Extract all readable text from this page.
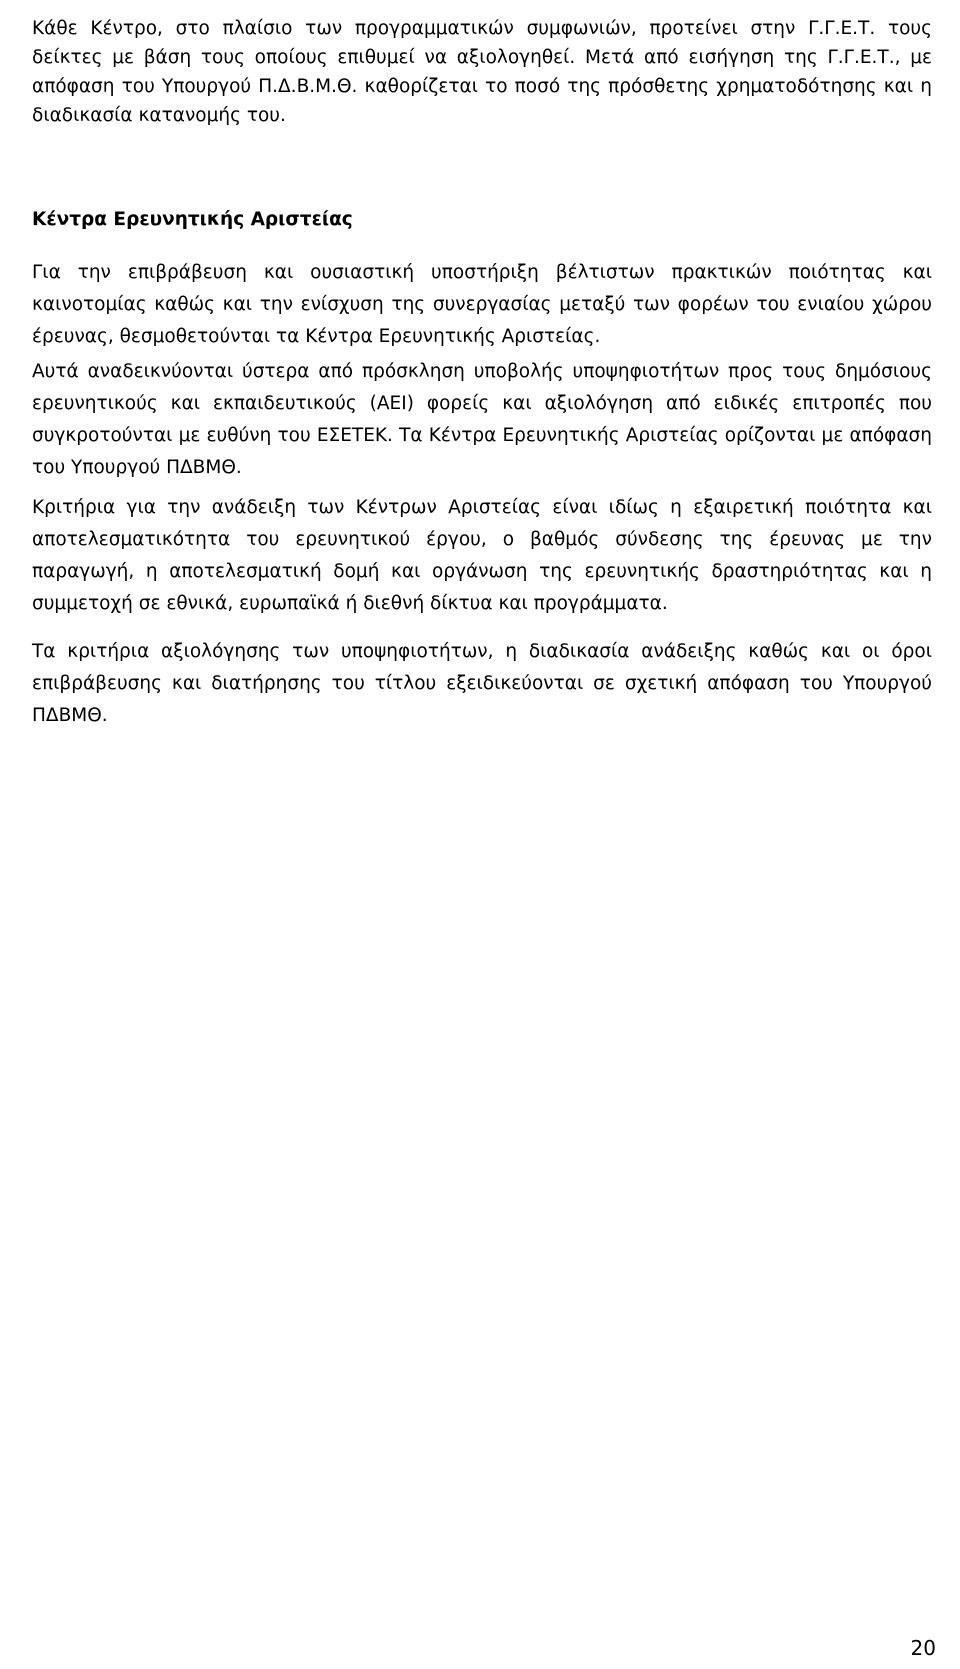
Κάθε Κέντρο, στο πλαίσιο των προγραμματικών συμφωνιών, προτείνει στην Γ.Γ.Ε.Τ. τους δείκτες με βάση τους οποίους επιθυμεί να αξιολογηθεί. Μετά από εισήγηση της Γ.Γ.Ε.Τ., με απόφαση του Υπουργού Π.Δ.Β.Μ.Θ. καθορίζεται το ποσό της πρόσθετης χρηματοδότησης και η διαδικασία κατανομής του.

Κέντρα Ερευνητικής Αριστείας

Για την επιβράβευση και ουσιαστική υποστήριξη βέλτιστων πρακτικών ποιότητας και καινοτομίας καθώς και την ενίσχυση της συνεργασίας μεταξύ των φορέων του ενιαίου χώρου έρευνας, θεσμοθετούνται τα Κέντρα Ερευνητικής Αριστείας.

Αυτά αναδεικνύονται ύστερα από πρόσκληση υποβολής υποψηφιοτήτων προς τους δημόσιους ερευνητικούς και εκπαιδευτικούς (ΑΕΙ) φορείς και αξιολόγηση από ειδικές επιτροπές που συγκροτούνται με ευθύνη του ΕΣΕΤΕΚ. Τα Κέντρα Ερευνητικής Αριστείας ορίζονται με απόφαση του Υπουργού ΠΔΒΜΘ.

Κριτήρια για την ανάδειξη των Κέντρων Αριστείας είναι ιδίως η εξαιρετική ποιότητα και αποτελεσματικότητα του ερευνητικού έργου, ο βαθμός σύνδεσης της έρευνας με την παραγωγή, η αποτελεσματική δομή και οργάνωση της ερευνητικής δραστηριότητας και η συμμετοχή σε εθνικά, ευρωπαϊκά ή διεθνή δίκτυα και προγράμματα.

Τα κριτήρια αξιολόγησης των υποψηφιοτήτων, η διαδικασία ανάδειξης καθώς και οι όροι επιβράβευσης και διατήρησης του τίτλου εξειδικεύονται σε σχετική απόφαση του Υπουργού ΠΔΒΜΘ.

20
